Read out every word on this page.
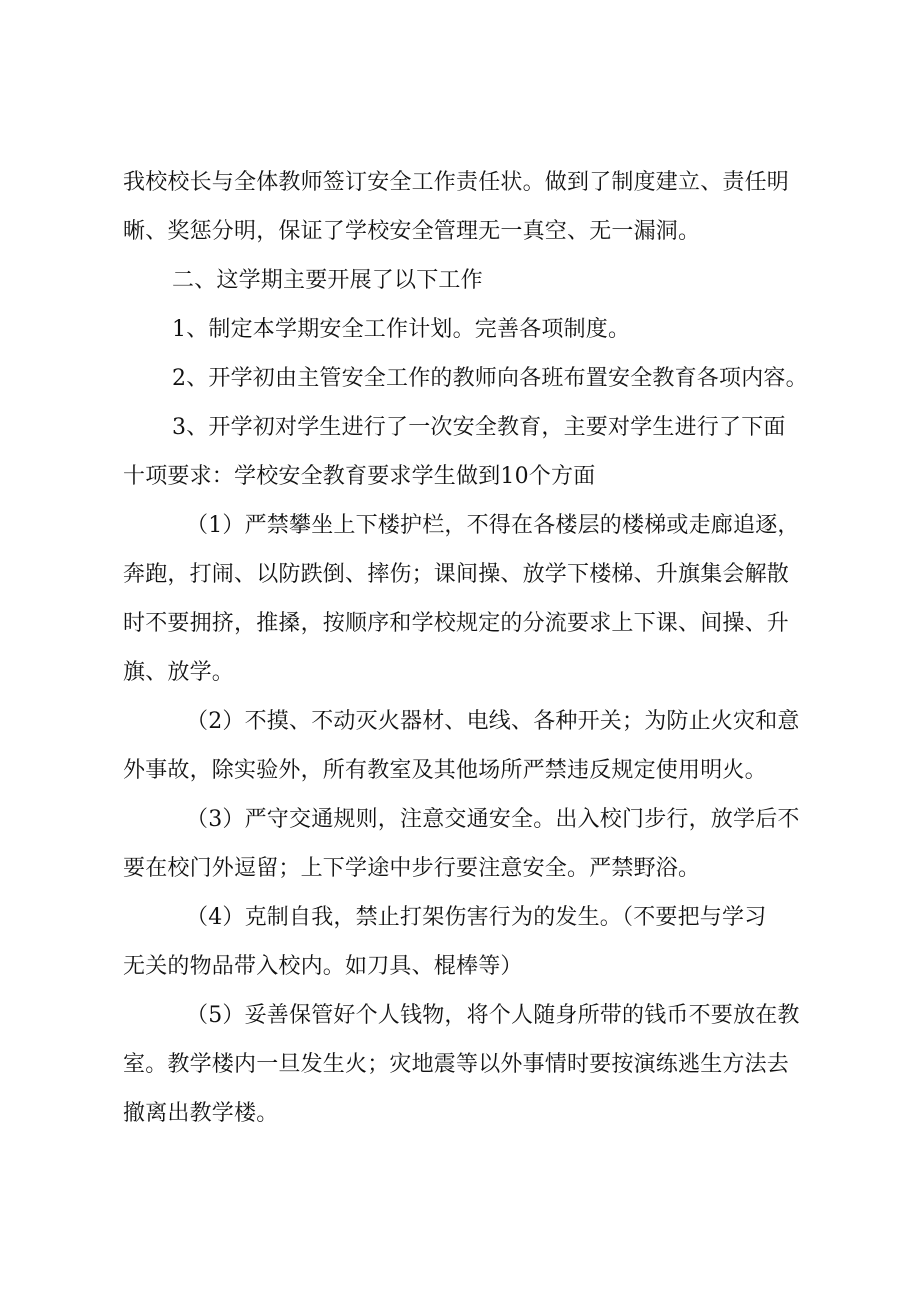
我校校长与全体教师签订安全工作责任状。做到了制度建立、责任明
晰、奖惩分明，保证了学校安全管理无一真空、无一漏洞。
二、这学期主要开展了以下工作
1、制定本学期安全工作计划。完善各项制度。
2、开学初由主管安全工作的教师向各班布置安全教育各项内容。
3、开学初对学生进行了一次安全教育，主要对学生进行了下面
十项要求：学校安全教育要求学生做到10个方面
（1）严禁攀坐上下楼护栏，不得在各楼层的楼梯或走廊追逐，
奔跑，打闹、以防跌倒、摔伤；课间操、放学下楼梯、升旗集会解散
时不要拥挤，推搡，按顺序和学校规定的分流要求上下课、间操、升
旗、放学。
（2）不摸、不动灭火器材、电线、各种开关；为防止火灾和意
外事故，除实验外，所有教室及其他场所严禁违反规定使用明火。
（3）严守交通规则，注意交通安全。出入校门步行，放学后不
要在校门外逗留；上下学途中步行要注意安全。严禁野浴。
（4）克制自我，禁止打架伤害行为的发生。（不要把与学习
无关的物品带入校内。如刀具、棍棒等）
（5）妥善保管好个人钱物，将个人随身所带的钱币不要放在教
室。教学楼内一旦发生火；灾地震等以外事情时要按演练逃生方法去
撤离出教学楼。
